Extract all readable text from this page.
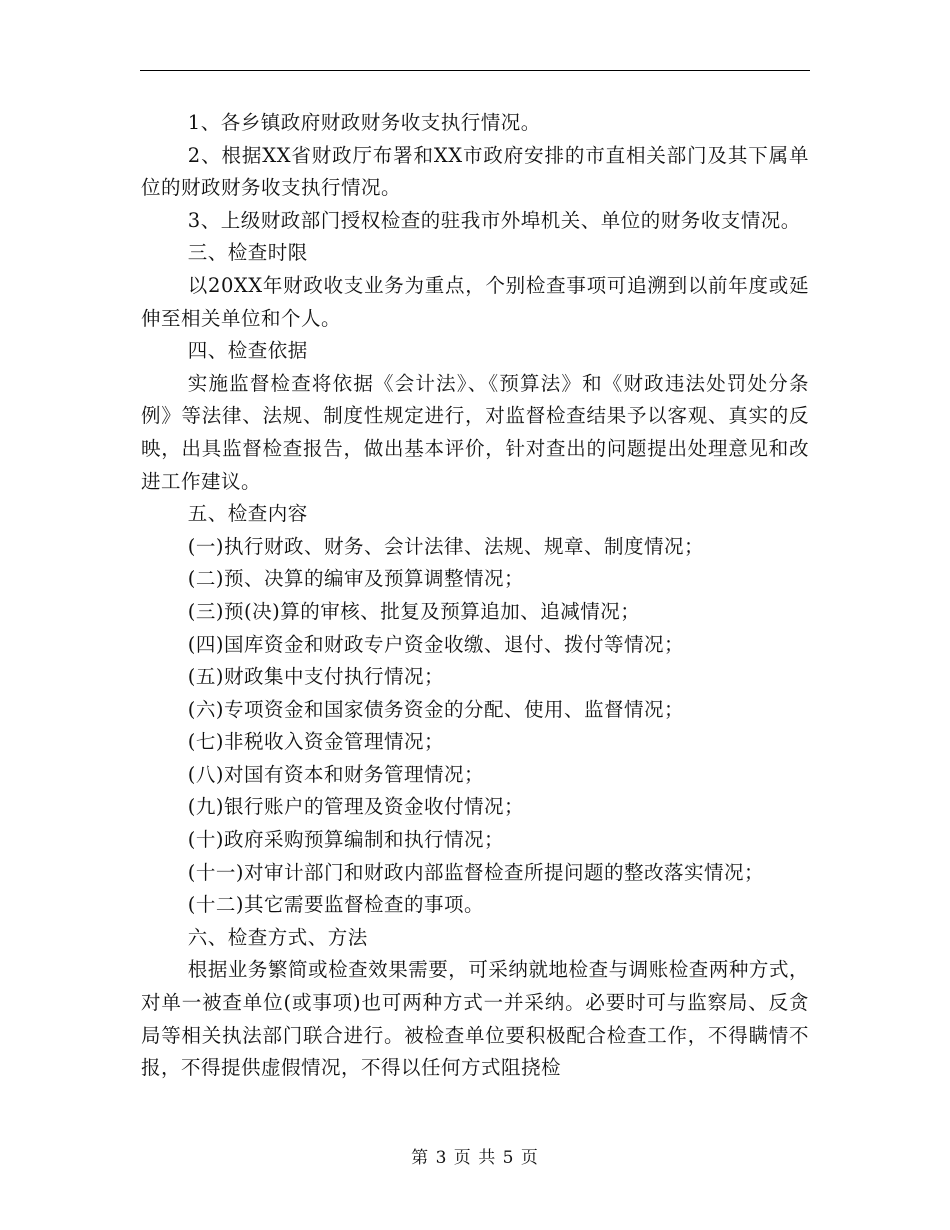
1、各乡镇政府财政财务收支执行情况。

2、根据XX省财政厅布署和XX市政府安排的市直相关部门及其下属单位的财政财务收支执行情况。

3、上级财政部门授权检查的驻我市外埠机关、单位的财务收支情况。

三、检查时限

以20XX年财政收支业务为重点，个别检查事项可追溯到以前年度或延伸至相关单位和个人。

四、检查依据

实施监督检查将依据《会计法》、《预算法》和《财政违法处罚处分条例》等法律、法规、制度性规定进行，对监督检查结果予以客观、真实的反映，出具监督检查报告，做出基本评价，针对查出的问题提出处理意见和改进工作建议。

五、检查内容

(一)执行财政、财务、会计法律、法规、规章、制度情况；

(二)预、决算的编审及预算调整情况；

(三)预(决)算的审核、批复及预算追加、追减情况；

(四)国库资金和财政专户资金收缴、退付、拨付等情况；

(五)财政集中支付执行情况；

(六)专项资金和国家债务资金的分配、使用、监督情况；

(七)非税收入资金管理情况；

(八)对国有资本和财务管理情况；

(九)银行账户的管理及资金收付情况；

(十)政府采购预算编制和执行情况；

(十一)对审计部门和财政内部监督检查所提问题的整改落实情况；

(十二)其它需要监督检查的事项。

六、检查方式、方法

根据业务繁简或检查效果需要，可采纳就地检查与调账检查两种方式，对单一被查单位(或事项)也可两种方式一并采纳。必要时可与监察局、反贪局等相关执法部门联合进行。被检查单位要积极配合检查工作，不得瞒情不报，不得提供虚假情况，不得以任何方式阻挠检

第 3 页 共 5 页
